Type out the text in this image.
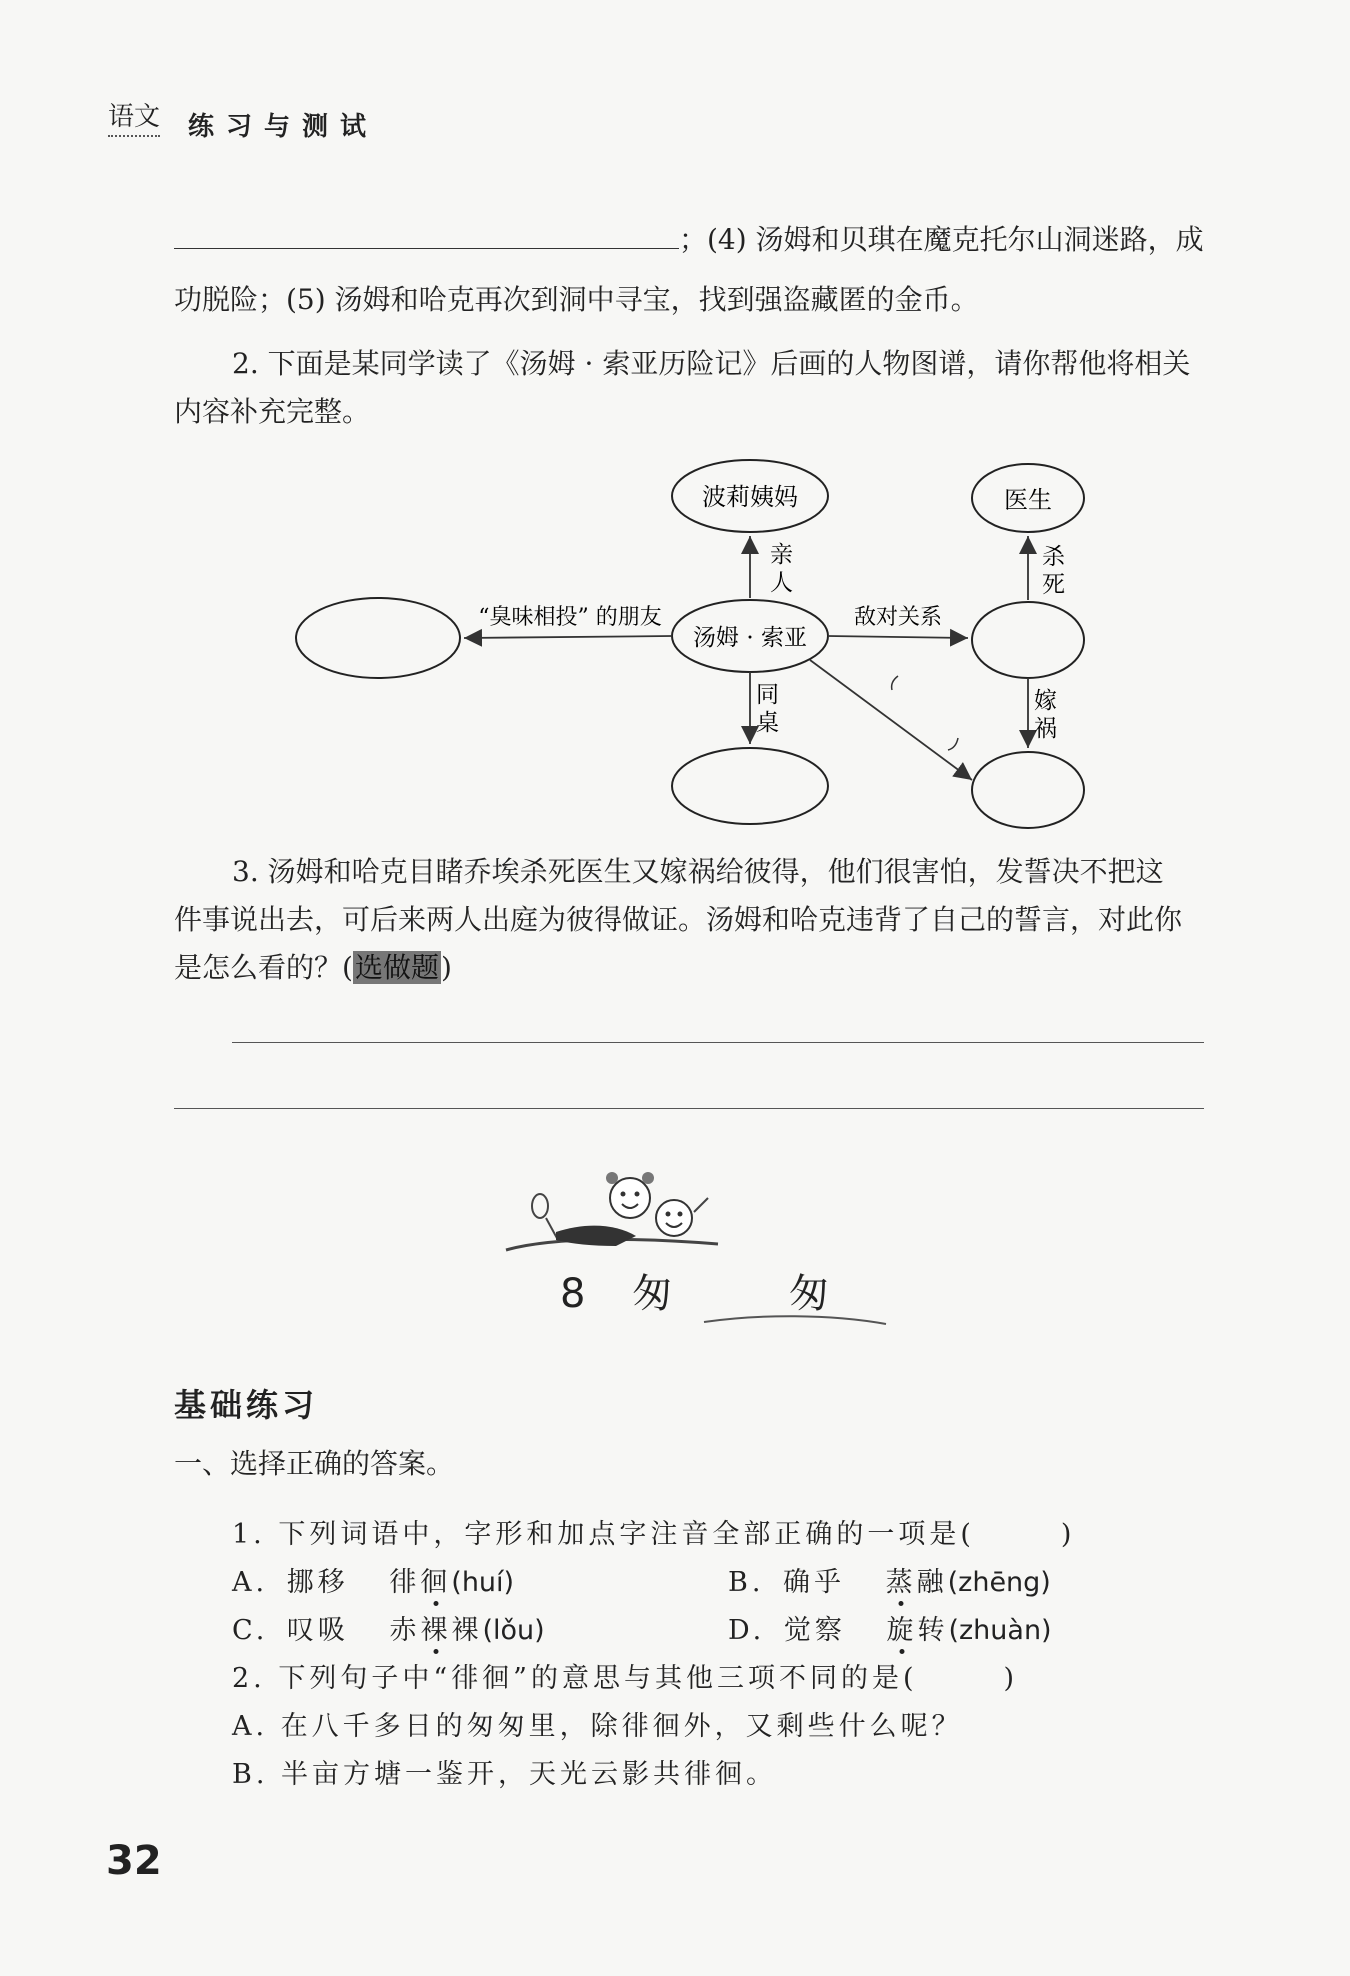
语文 练习与测试
；(4) 汤姆和贝琪在魔克托尔山洞迷路，成
功脱险；(5) 汤姆和哈克再次到洞中寻宝，找到强盗藏匿的金币。
2. 下面是某同学读了《汤姆 · 索亚历险记》后画的人物图谱，请你帮他将相关
内容补充完整。
波莉姨妈	医生
汤姆 · 索亚
亲
人
杀
死
“臭味相投” 的朋友	敌对关系
同
桌
嫁
祸
3. 汤姆和哈克目睹乔埃杀死医生又嫁祸给彼得，他们很害怕，发誓决不把这
件事说出去，可后来两人出庭为彼得做证。汤姆和哈克违背了自己的誓言，对此你
是怎么看的？(选做题)
8 匆	匆
基础练习
一、选择正确的答案。
1. 下列词语中，字形和加点字注音全部正确的一项是(	)
A. 挪移 徘徊(huí)	B. 确乎 蒸融(zhēng)
C. 叹吸 赤裸裸(lǒu)	D. 觉察 旋转(zhuàn)
2. 下列句子中“徘徊”的意思与其他三项不同的是(	)
A. 在八千多日的匆匆里，除徘徊外，又剩些什么呢？
B. 半亩方塘一鉴开，天光云影共徘徊。
32
